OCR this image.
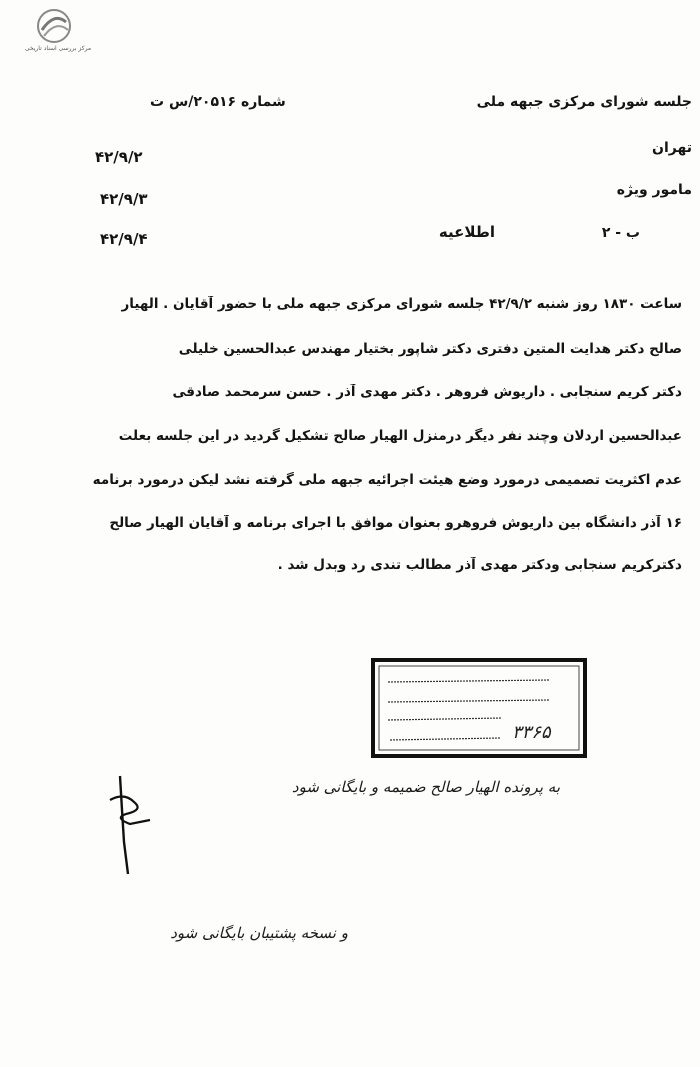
مرکز بررسی اسناد تاریخی
جلسه شورای مرکزی جبهه ملی
شماره ۲۰۵۱۶/س ت
تهران
۴۲/۹/۲
مامور ویژه
۴۲/۹/۳
ب - ۲
اطلاعیه
۴۲/۹/۴
ساعت ۱۸۳۰ روز شنبه ۴۲/۹/۲ جلسه شورای مرکزی جبهه ملی با حضور آقایان . الهیار
صالح دکتر هدایت المتین دفتری دکتر شاپور بختیار مهندس عبدالحسین خلیلی
دکتر کریم سنجابی . داریوش فروهر . دکتر مهدی آذر . حسن سرمحمد صادقی
عبدالحسین اردلان وچند نفر دیگر درمنزل الهیار صالح تشکیل گردید در این جلسه بعلت
عدم اکثریت تصمیمی درمورد وضع هیئت اجرائیه جبهه ملی گرفته نشد لیکن درمورد برنامه
۱۶ آذر دانشگاه بین داریوش فروهرو بعنوان موافق با اجرای برنامه و آقایان الهیار صالح
دکترکریم سنجابی ودکتر مهدی آذر مطالب تندی رد وبدل شد .
۳۳۶۵
به پرونده الهیار صالح ضمیمه و بایگانی شود
و نسخه پشتیبان بایگانی شود
